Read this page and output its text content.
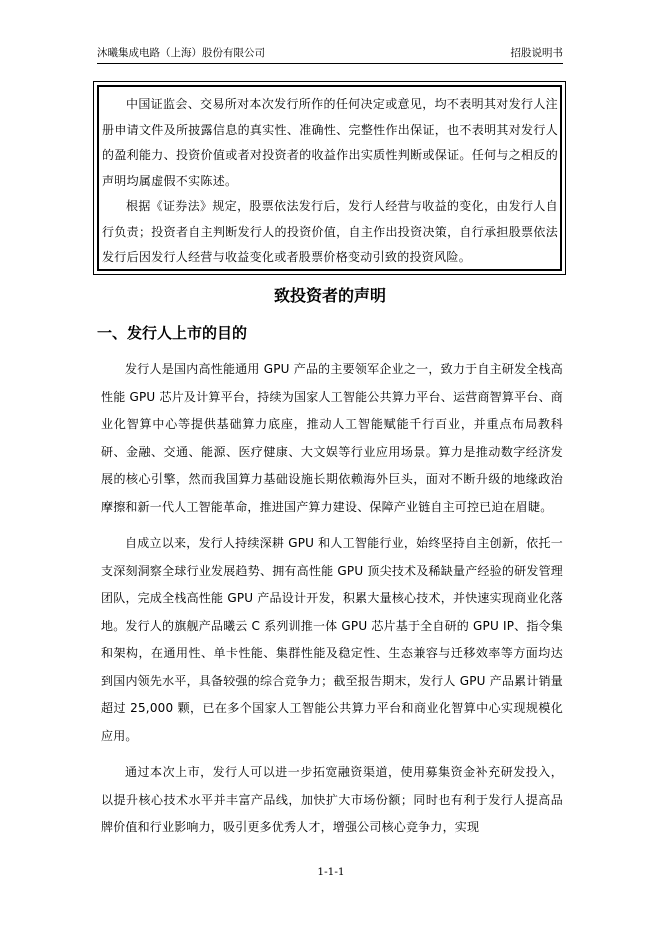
沐曦集成电路（上海）股份有限公司	招股说明书

中国证监会、交易所对本次发行所作的任何决定或意见，均不表明其对发行人注册申请文件及所披露信息的真实性、准确性、完整性作出保证，也不表明其对发行人的盈利能力、投资价值或者对投资者的收益作出实质性判断或保证。任何与之相反的声明均属虚假不实陈述。

根据《证券法》规定，股票依法发行后，发行人经营与收益的变化，由发行人自行负责；投资者自主判断发行人的投资价值，自主作出投资决策，自行承担股票依法发行后因发行人经营与收益变化或者股票价格变动引致的投资风险。

致投资者的声明
一、发行人上市的目的

发行人是国内高性能通用 GPU 产品的主要领军企业之一，致力于自主研发全栈高性能 GPU 芯片及计算平台，持续为国家人工智能公共算力平台、运营商智算平台、商业化智算中心等提供基础算力底座，推动人工智能赋能千行百业，并重点布局教科研、金融、交通、能源、医疗健康、大文娱等行业应用场景。算力是推动数字经济发展的核心引擎，然而我国算力基础设施长期依赖海外巨头，面对不断升级的地缘政治摩擦和新一代人工智能革命，推进国产算力建设、保障产业链自主可控已迫在眉睫。

自成立以来，发行人持续深耕 GPU 和人工智能行业，始终坚持自主创新，依托一支深刻洞察全球行业发展趋势、拥有高性能 GPU 顶尖技术及稀缺量产经验的研发管理团队，完成全栈高性能 GPU 产品设计开发，积累大量核心技术，并快速实现商业化落地。发行人的旗舰产品曦云 C 系列训推一体 GPU 芯片基于全自研的 GPU IP、指令集和架构，在通用性、单卡性能、集群性能及稳定性、生态兼容与迁移效率等方面均达到国内领先水平，具备较强的综合竞争力；截至报告期末，发行人 GPU 产品累计销量超过 25,000 颗，已在多个国家人工智能公共算力平台和商业化智算中心实现规模化应用。

通过本次上市，发行人可以进一步拓宽融资渠道，使用募集资金补充研发投入，以提升核心技术水平并丰富产品线，加快扩大市场份额；同时也有利于发行人提高品牌价值和行业影响力，吸引更多优秀人才，增强公司核心竞争力，实现

1-1-1
